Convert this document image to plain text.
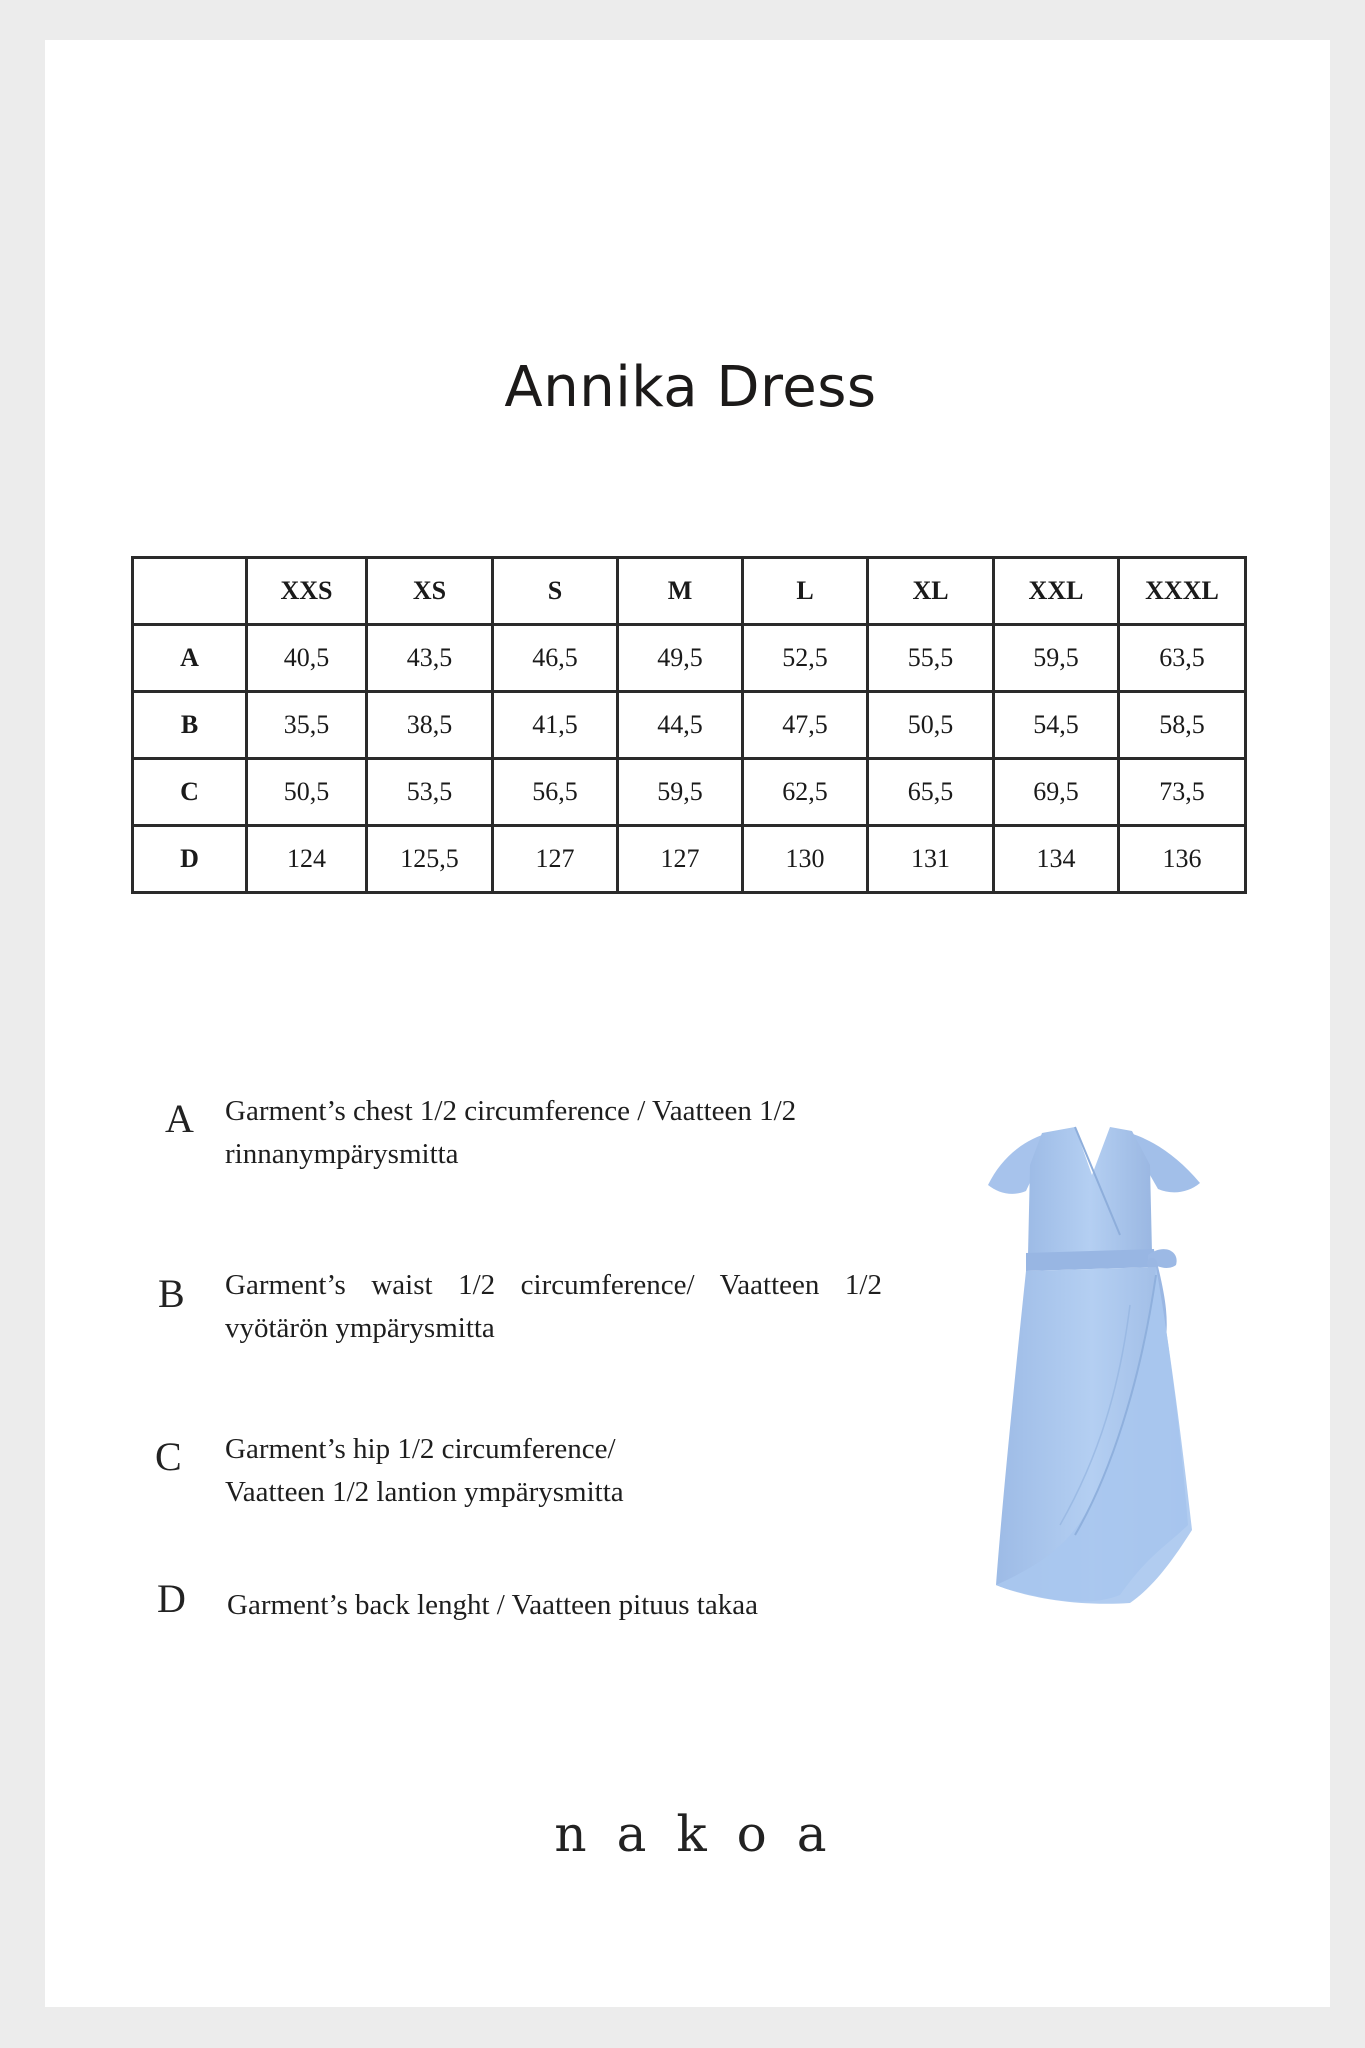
Annika Dress
	XXS	XS	S	M	L	XL	XXL	XXXL
A	40,5	43,5	46,5	49,5	52,5	55,5	59,5	63,5
B	35,5	38,5	41,5	44,5	47,5	50,5	54,5	58,5
C	50,5	53,5	56,5	59,5	62,5	65,5	69,5	73,5
D	124	125,5	127	127	130	131	134	136
A Garment’s chest 1/2 circumference / Vaatteen 1/2 rinnanympärysmitta
B Garment’s waist 1/2 circumference/ Vaatteen 1/2 vyötärön ympärysmitta
C Garment’s hip 1/2 circumference/
Vaatteen 1/2 lantion ympärysmitta
D Garment’s back lenght / Vaatteen pituus takaa
nakoa
